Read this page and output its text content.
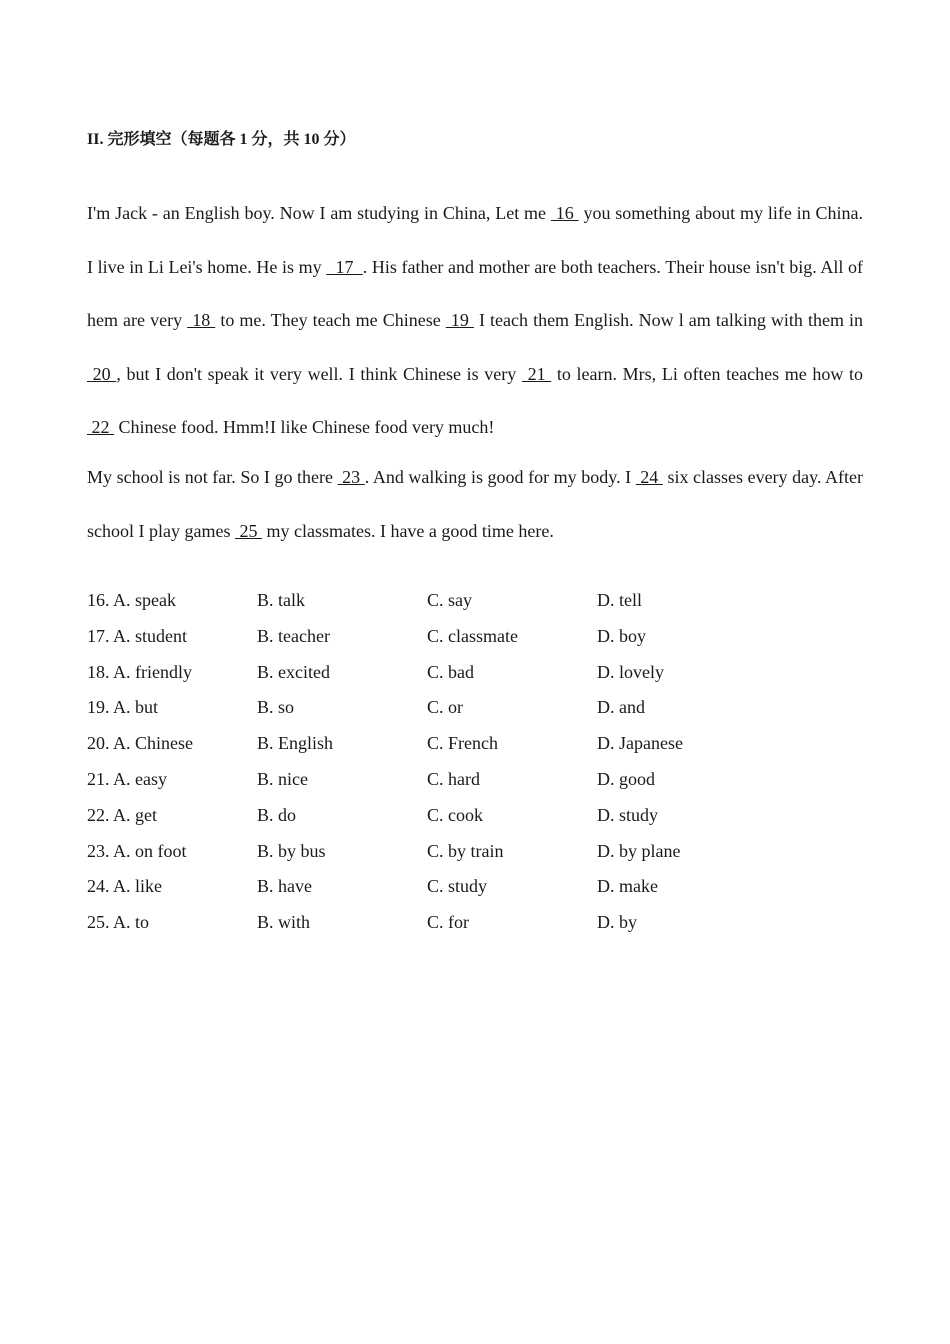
II. 完形填空（每题各 1 分，共 10 分）

I'm Jack - an English boy. Now I am studying in China, Let me  16  you something about my life in China. I live in Li Lei's home. He is my   17  . His father and mother are both teachers. Their house isn't big. All of hem are very  18  to me. They teach me Chinese  19  I teach them English. Now l am talking with them in  20 , but I don't speak it very well. I think Chinese is very  21  to learn. Mrs, Li often teaches me how to  22  Chinese food. Hmm!I like Chinese food very much!

My school is not far. So I go there  23 . And walking is good for my body. I  24  six classes every day. After school I play games  25  my classmates. I have a good time here.

16. A. speak	B. talk	C. say	D. tell
17. A. student	B. teacher	C. classmate	D. boy
18. A. friendly	B. excited	C. bad	D. lovely
19. A. but	B. so	C. or	D. and
20. A. Chinese	B. English	C. French	D. Japanese
21. A. easy	B. nice	C. hard	D. good
22. A. get	B. do	C. cook	D. study
23. A. on foot	B. by bus	C. by train	D. by plane
24. A. like	B. have	C. study	D. make
25. A. to	B. with	C. for	D. by
